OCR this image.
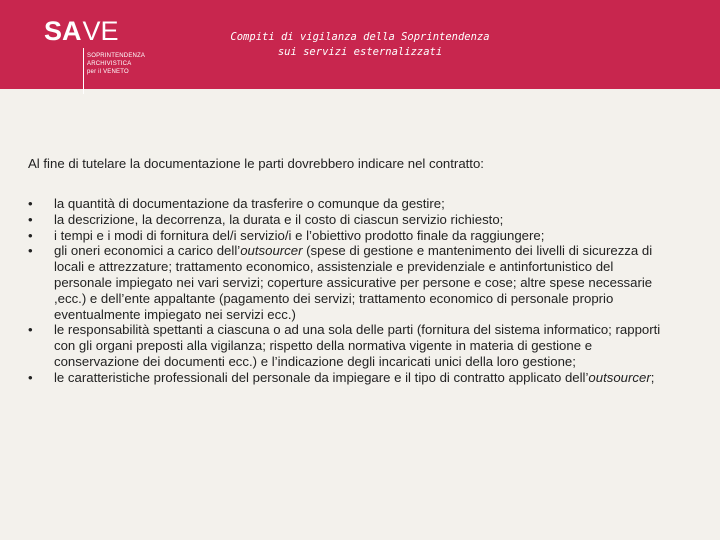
SAVE
SOPRINTENDENZA
ARCHIVISTICA
per il VENETO
Compiti di vigilanza della Soprintendenza
sui servizi esternalizzati
Al fine di tutelare la documentazione le parti dovrebbero indicare nel contratto:
•	la quantità di documentazione da trasferire o comunque da gestire;
•	la descrizione, la decorrenza, la durata e il costo di ciascun servizio richiesto;
•	i tempi e i modi di fornitura del/i servizio/i e l’obiettivo prodotto finale da raggiungere;
•	gli oneri economici a carico dell’outsourcer (spese di gestione e mantenimento dei livelli di sicurezza di locali e attrezzature; trattamento economico, assistenziale e previdenziale e antinfortunistico del personale impiegato nei vari servizi; coperture assicurative per persone e cose; altre spese necessarie ,ecc.) e dell’ente appaltante (pagamento dei servizi; trattamento economico di personale proprio eventualmente impiegato nei servizi ecc.)
•	le responsabilità spettanti a ciascuna o ad una sola delle parti (fornitura del sistema informatico; rapporti con gli organi preposti alla vigilanza; rispetto della normativa vigente in materia di gestione e conservazione dei documenti ecc.) e l’indicazione degli incaricati unici della loro gestione;
•	le caratteristiche professionali del personale da impiegare e il tipo di contratto applicato dell’outsourcer;
